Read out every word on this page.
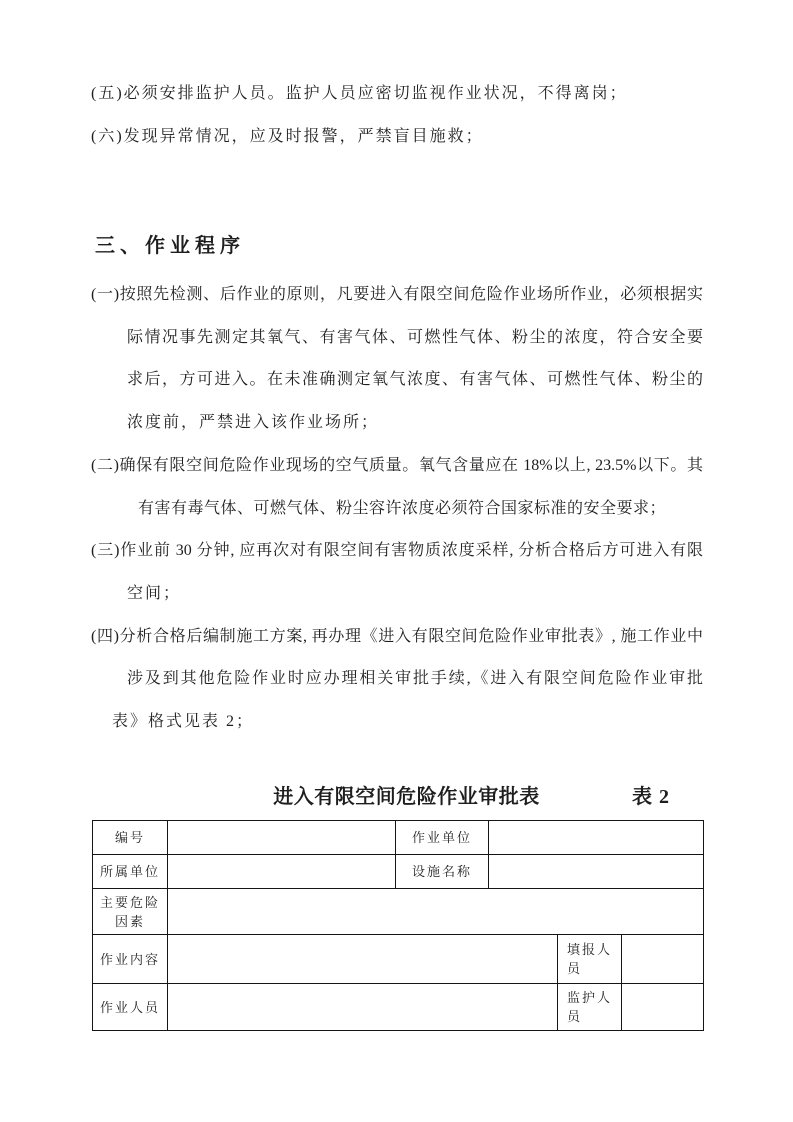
(五)必须安排监护人员。监护人员应密切监视作业状况，不得离岗；
(六)发现异常情况，应及时报警，严禁盲目施救；
三、作业程序
(一)按照先检测、后作业的原则，凡要进入有限空间危险作业场所作业，必须根据实
际情况事先测定其氧气、有害气体、可燃性气体、粉尘的浓度，符合安全要
求后，方可进入。在未准确测定氧气浓度、有害气体、可燃性气体、粉尘的
浓度前，严禁进入该作业场所；
(二)确保有限空间危险作业现场的空气质量。氧气含量应在 18%以上, 23.5%以下。其
有害有毒气体、可燃气体、粉尘容许浓度必须符合国家标准的安全要求；
(三)作业前 30 分钟, 应再次对有限空间有害物质浓度采样, 分析合格后方可进入有限
空间；
(四)分析合格后编制施工方案, 再办理《进入有限空间危险作业审批表》, 施工作业中
涉及到其他危险作业时应办理相关审批手续,《进入有限空间危险作业审批
表》格式见表 2；
进入有限空间危险作业审批表	表 2
编号		作业单位			
所属单位		设施名称			
主要危险因素					
作业内容				填报人员	
作业人员				监护人员	
